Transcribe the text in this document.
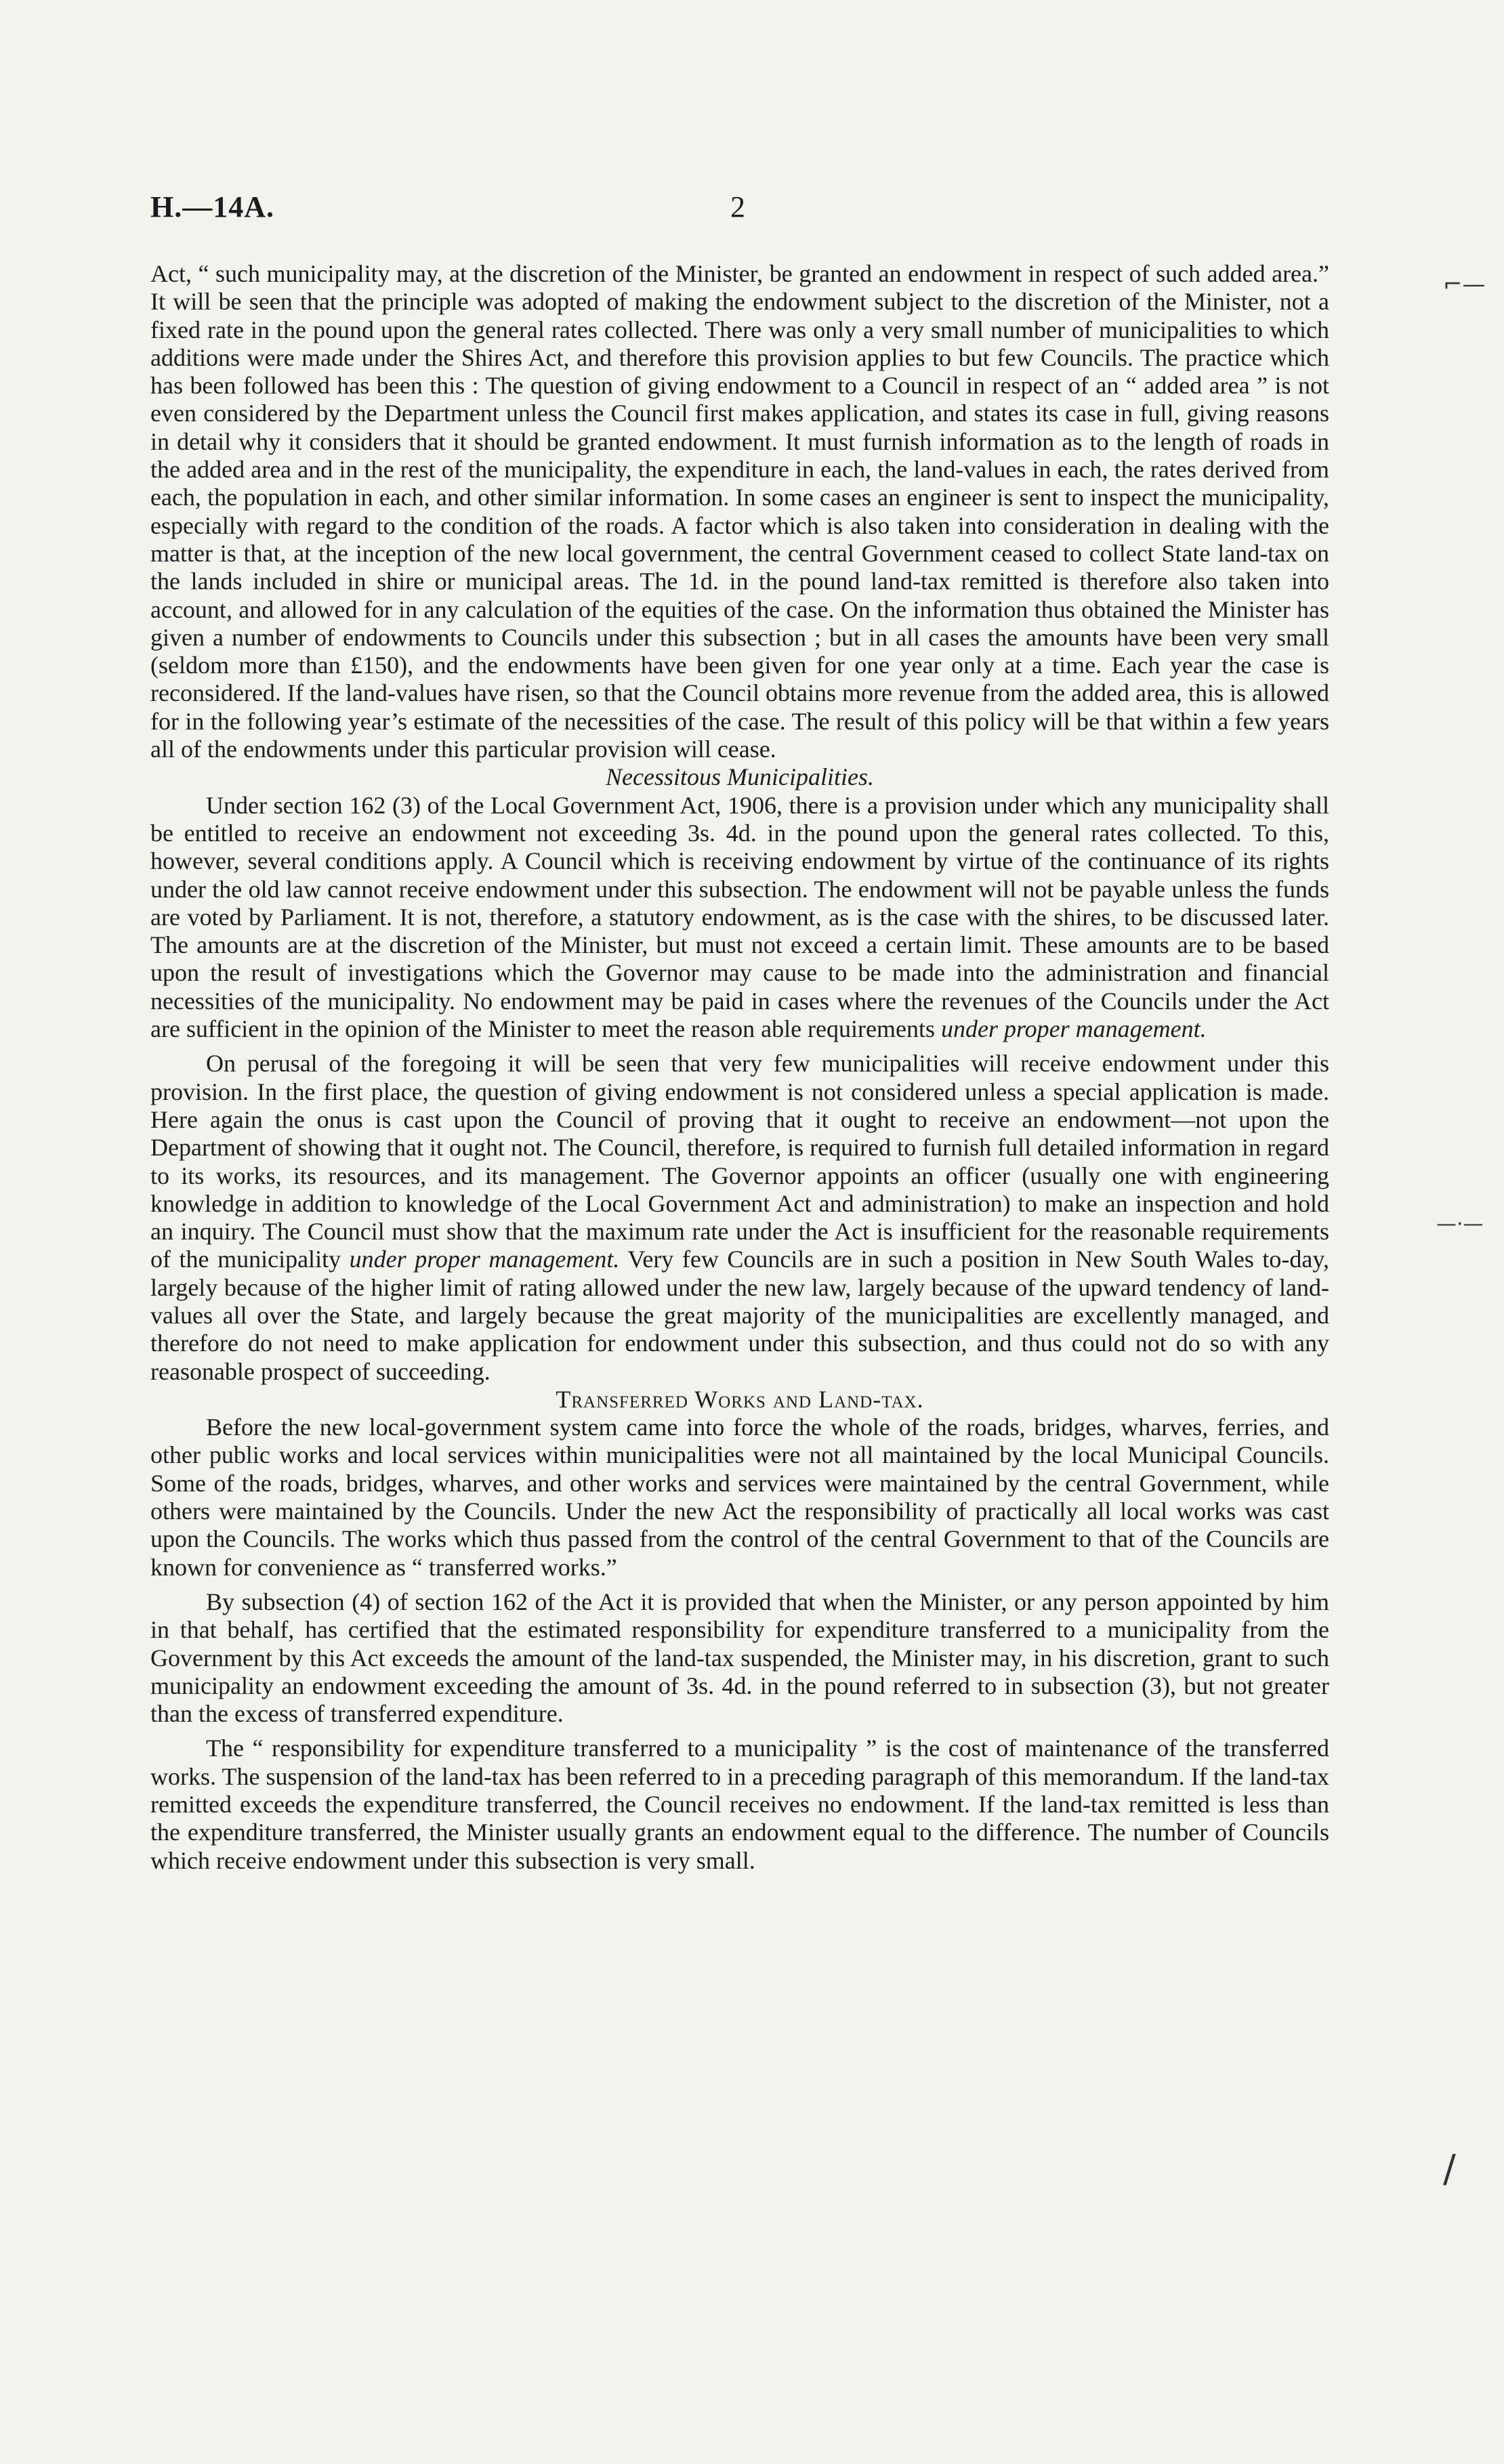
H.—14A.	2
⌐—
—·—
∕

Act, “ such municipality may, at the discretion of the Minister, be granted an endowment in respect of such added area.” It will be seen that the principle was adopted of making the endowment subject to the discretion of the Minister, not a fixed rate in the pound upon the general rates collected. There was only a very small number of municipalities to which additions were made under the Shires Act, and therefore this provision applies to but few Councils. The practice which has been followed has been this : The question of giving endowment to a Council in respect of an “ added area ” is not even considered by the Department unless the Council first makes application, and states its case in full, giving reasons in detail why it considers that it should be granted endowment. It must furnish information as to the length of roads in the added area and in the rest of the municipality, the expenditure in each, the land-values in each, the rates derived from each, the population in each, and other similar information. In some cases an engineer is sent to inspect the municipality, especially with regard to the condition of the roads. A factor which is also taken into consideration in dealing with the matter is that, at the inception of the new local government, the central Government ceased to collect State land-tax on the lands included in shire or municipal areas. The 1d. in the pound land-tax remitted is therefore also taken into account, and allowed for in any calculation of the equities of the case. On the information thus obtained the Minister has given a number of endowments to Councils under this subsection ; but in all cases the amounts have been very small (seldom more than £150), and the endowments have been given for one year only at a time. Each year the case is reconsidered. If the land-values have risen, so that the Council obtains more revenue from the added area, this is allowed for in the following year’s estimate of the necessities of the case. The result of this policy will be that within a few years all of the endowments under this particular provision will cease.

Necessitous Municipalities.

Under section 162 (3) of the Local Government Act, 1906, there is a provision under which any municipality shall be entitled to receive an endowment not exceeding 3s. 4d. in the pound upon the general rates collected. To this, however, several conditions apply. A Council which is receiving endowment by virtue of the continuance of its rights under the old law cannot receive endowment under this subsection. The endowment will not be payable unless the funds are voted by Parliament. It is not, therefore, a statutory endowment, as is the case with the shires, to be discussed later. The amounts are at the discretion of the Minister, but must not exceed a certain limit. These amounts are to be based upon the result of investigations which the Governor may cause to be made into the administration and financial necessities of the municipality. No endowment may be paid in cases where the revenues of the Councils under the Act are sufficient in the opinion of the Minister to meet the reason able requirements under proper management.

On perusal of the foregoing it will be seen that very few municipalities will receive endowment under this provision. In the first place, the question of giving endowment is not considered unless a special application is made. Here again the onus is cast upon the Council of proving that it ought to receive an endowment—not upon the Department of showing that it ought not. The Council, therefore, is required to furnish full detailed information in regard to its works, its resources, and its management. The Governor appoints an officer (usually one with engineering knowledge in addition to knowledge of the Local Government Act and administration) to make an inspection and hold an inquiry. The Council must show that the maximum rate under the Act is insufficient for the reasonable requirements of the municipality under proper management. Very few Councils are in such a position in New South Wales to-day, largely because of the higher limit of rating allowed under the new law, largely because of the upward tendency of land-values all over the State, and largely because the great majority of the municipalities are excellently managed, and therefore do not need to make application for endowment under this subsection, and thus could not do so with any reasonable prospect of succeeding.

Transferred Works and Land-tax.

Before the new local-government system came into force the whole of the roads, bridges, wharves, ferries, and other public works and local services within municipalities were not all maintained by the local Municipal Councils. Some of the roads, bridges, wharves, and other works and services were maintained by the central Government, while others were maintained by the Councils. Under the new Act the responsibility of practically all local works was cast upon the Councils. The works which thus passed from the control of the central Government to that of the Councils are known for convenience as “ transferred works.”

By subsection (4) of section 162 of the Act it is provided that when the Minister, or any person appointed by him in that behalf, has certified that the estimated responsibility for expenditure transferred to a municipality from the Government by this Act exceeds the amount of the land-tax suspended, the Minister may, in his discretion, grant to such municipality an endowment exceeding the amount of 3s. 4d. in the pound referred to in subsection (3), but not greater than the excess of transferred expenditure.

The “ responsibility for expenditure transferred to a municipality ” is the cost of maintenance of the transferred works. The suspension of the land-tax has been referred to in a preceding paragraph of this memorandum. If the land-tax remitted exceeds the expenditure transferred, the Council receives no endowment. If the land-tax remitted is less than the expenditure transferred, the Minister usually grants an endowment equal to the difference. The number of Councils which receive endowment under this subsection is very small.
